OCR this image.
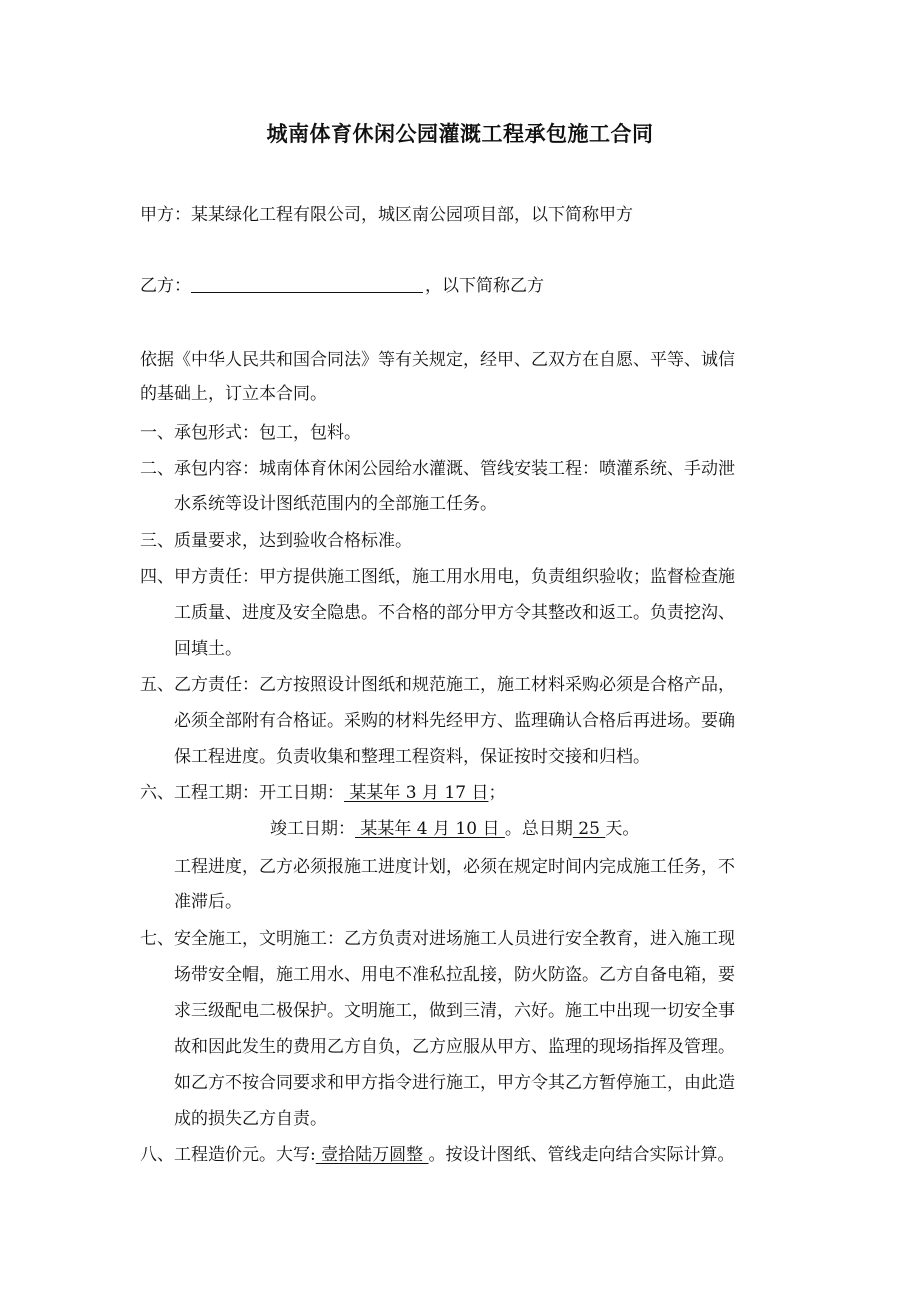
城南体育休闲公园灌溉工程承包施工合同
甲方：某某绿化工程有限公司，城区南公园项目部，以下简称甲方
乙方：	，以下简称乙方
依据《中华人民共和国合同法》等有关规定，经甲、乙双方在自愿、平等、诚信
的基础上，订立本合同。
一、承包形式：包工，包料。
二、承包内容：城南体育休闲公园给水灌溉、管线安装工程：喷灌系统、手动泄
水系统等设计图纸范围内的全部施工任务。
三、质量要求，达到验收合格标准。
四、甲方责任：甲方提供施工图纸，施工用水用电，负责组织验收；监督检查施
工质量、进度及安全隐患。不合格的部分甲方令其整改和返工。负责挖沟、
回填土。
五、乙方责任：乙方按照设计图纸和规范施工，施工材料采购必须是合格产品，
必须全部附有合格证。采购的材料先经甲方、监理确认合格后再进场。要确
保工程进度。负责收集和整理工程资料，保证按时交接和归档。
六、工程工期：开工日期： 某某年 3 月 17 日；
竣工日期： 某某年 4 月 10 日 。总日期 25 天。
工程进度，乙方必须报施工进度计划，必须在规定时间内完成施工任务，不
准滞后。
七、安全施工，文明施工：乙方负责对进场施工人员进行安全教育，进入施工现
场带安全帽，施工用水、用电不准私拉乱接，防火防盗。乙方自备电箱，要
求三级配电二极保护。文明施工，做到三清，六好。施工中出现一切安全事
故和因此发生的费用乙方自负，乙方应服从甲方、监理的现场指挥及管理。
如乙方不按合同要求和甲方指令进行施工，甲方令其乙方暂停施工，由此造
成的损失乙方自责。
八、工程造价元。大写: 壹拾陆万圆整 。按设计图纸、管线走向结合实际计算。
